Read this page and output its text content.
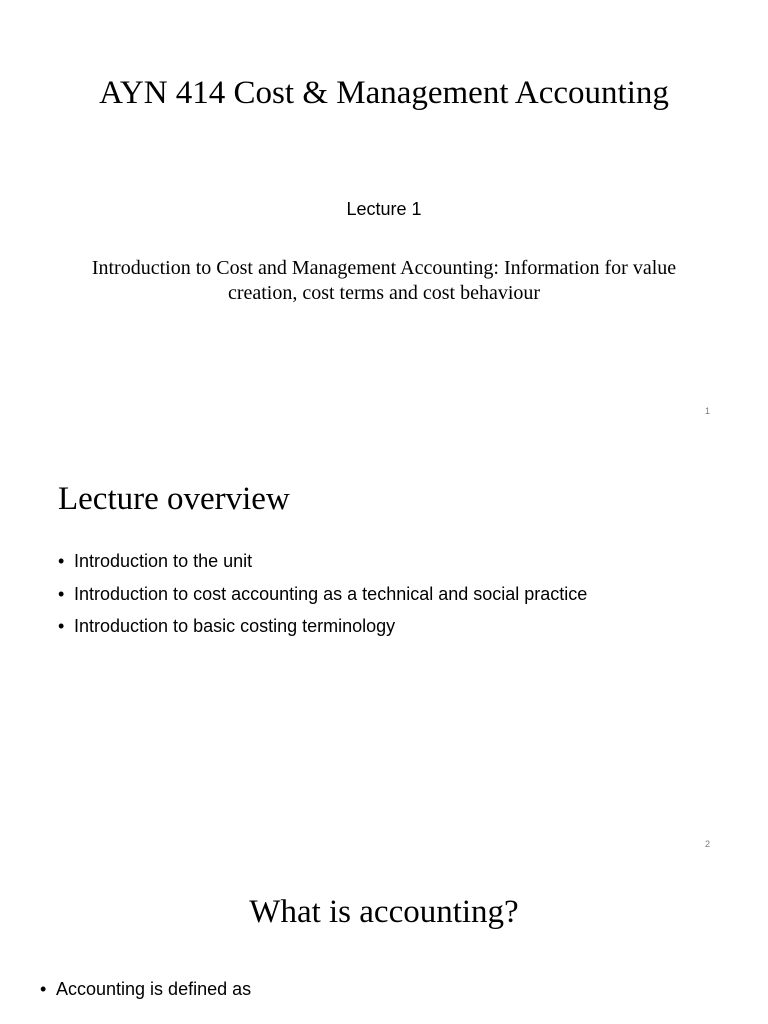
AYN 414 Cost & Management Accounting
Lecture 1
Introduction to Cost and Management Accounting: Information for value creation, cost terms and cost behaviour
1
Lecture overview
• Introduction to the unit
• Introduction to cost accounting as a technical and social practice
• Introduction to basic costing terminology
2
What is accounting?
• Accounting is defined as
